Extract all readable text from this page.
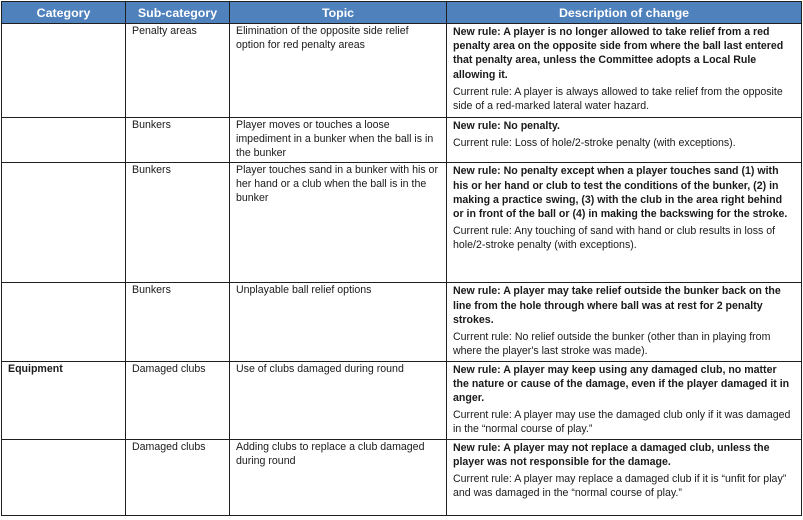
Category	Sub-category	Topic	Description of change
	Penalty areas	Elimination of the opposite side relief option for red penalty areas	New rule: A player is no longer allowed to take relief from a red penalty area on the opposite side from where the ball last entered that penalty area, unless the Committee adopts a Local Rule allowing it.
Current rule: A player is always allowed to take relief from the opposite side of a red-marked lateral water hazard.

	Bunkers	Player moves or touches a loose impediment in a bunker when the ball is in the bunker	New rule: No penalty.
Current rule: Loss of hole/2-stroke penalty (with exceptions).

	Bunkers	Player touches sand in a bunker with his or her hand or a club when the ball is in the bunker	New rule: No penalty except when a player touches sand (1) with his or her hand or club to test the conditions of the bunker, (2) in making a practice swing, (3) with the club in the area right behind or in front of the ball or (4) in making the backswing for the stroke.
Current rule: Any touching of sand with hand or club results in loss of hole/2-stroke penalty (with exceptions).

	Bunkers	Unplayable ball relief options	New rule: A player may take relief outside the bunker back on the line from the hole through where ball was at rest for 2 penalty strokes.
Current rule: No relief outside the bunker (other than in playing from where the player's last stroke was made).

Equipment	Damaged clubs	Use of clubs damaged during round	New rule: A player may keep using any damaged club, no matter the nature or cause of the damage, even if the player damaged it in anger.
Current rule: A player may use the damaged club only if it was damaged in the “normal course of play.”

	Damaged clubs	Adding clubs to replace a club damaged during round	New rule: A player may not replace a damaged club, unless the player was not responsible for the damage.
Current rule: A player may replace a damaged club if it is “unfit for play” and was damaged in the “normal course of play.”
